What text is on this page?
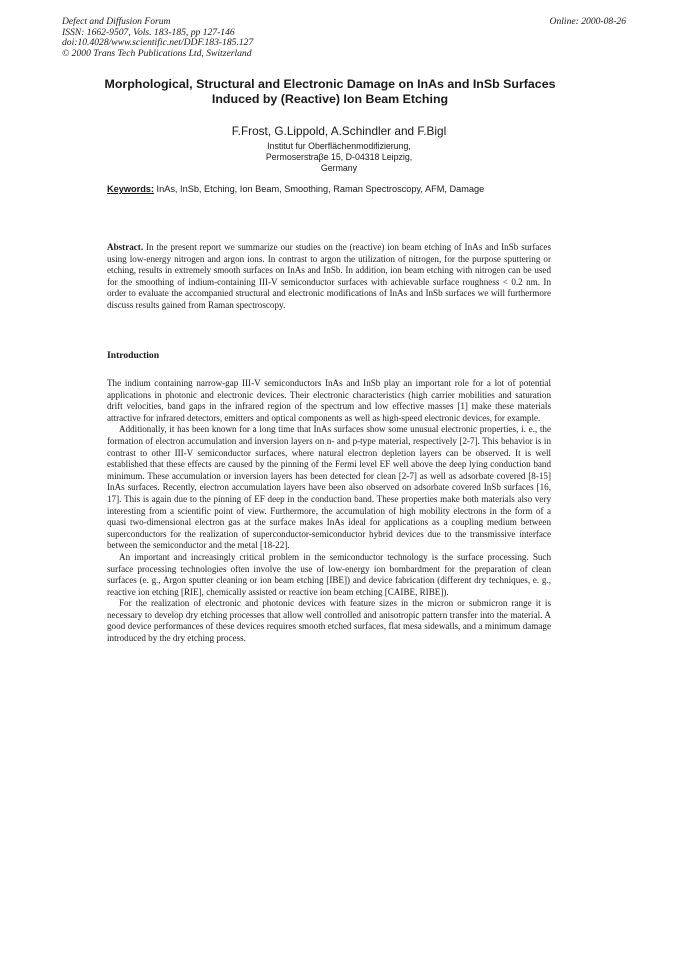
Defect and Diffusion Forum
ISSN: 1662-9507, Vols. 183-185, pp 127-146
doi:10.4028/www.scientific.net/DDF.183-185.127
© 2000 Trans Tech Publications Ltd, Switzerland
Online: 2000-08-26
Morphological, Structural and Electronic Damage on InAs and InSb Surfaces Induced by (Reactive) Ion Beam Etching
F.Frost, G.Lippold, A.Schindler and F.Bigl
Institut fur Oberflächenmodifizierung,
Permoserstraβe 15, D-04318 Leipzig,
Germany
Keywords: InAs, InSb, Etching, Ion Beam, Smoothing, Raman Spectroscopy, AFM, Damage
Abstract. In the present report we summarize our studies on the (reactive) ion beam etching of InAs and InSb surfaces using low-energy nitrogen and argon ions. In contrast to argon the utilization of nitrogen, for the purpose sputtering or etching, results in extremely smooth surfaces on InAs and InSb. In addition, ion beam etching with nitrogen can be used for the smoothing of indium-containing III-V semiconductor surfaces with achievable surface roughness < 0.2 nm. In order to evaluate the accompanied structural and electronic modifications of InAs and InSb surfaces we will furthermore discuss results gained from Raman spectroscopy.
Introduction

The indium containing narrow-gap III-V semiconductors InAs and InSb play an important role for a lot of potential applications in photonic and electronic devices. Their electronic characteristics (high carrier mobilities and saturation drift velocities, band gaps in the infrared region of the spectrum and low effective masses [1] make these materials attractive for infrared detectors, emitters and optical components as well as high-speed electronic devices, for example.

Additionally, it has been known for a long time that InAs surfaces show some unusual electronic properties, i. e., the formation of electron accumulation and inversion layers on n- and p-type material, respectively [2-7]. This behavior is in contrast to other III-V semiconductor surfaces, where natural electron depletion layers can be observed. It is well established that these effects are caused by the pinning of the Fermi level EF well above the deep lying conduction band minimum. These accumulation or inversion layers has been detected for clean [2-7] as well as adsorbate covered [8-15] InAs surfaces. Recently, electron accumulation layers have been also observed on adsorbate covered InSb surfaces [16, 17]. This is again due to the pinning of EF deep in the conduction band. These properties make both materials also very interesting from a scientific point of view. Furthermore, the accumulation of high mobility electrons in the form of a quasi two-dimensional electron gas at the surface makes InAs ideal for applications as a coupling medium between superconductors for the realization of superconductor-semiconductor hybrid devices due to the transmissive interface between the semiconductor and the metal [18-22].

An important and increasingly critical problem in the semiconductor technology is the surface processing. Such surface processing technologies often involve the use of low-energy ion bombardment for the preparation of clean surfaces (e. g., Argon sputter cleaning or ion beam etching [IBE]) and device fabrication (different dry techniques, e. g., reactive ion etching [RIE], chemically assisted or reactive ion beam etching [CAIBE, RIBE]).

For the realization of electronic and photonic devices with feature sizes in the micron or submicron range it is necessary to develop dry etching processes that allow well controlled and anisotropic pattern transfer into the material. A good device performances of these devices requires smooth etched surfaces, flat mesa sidewalls, and a minimum damage introduced by the dry etching process.
